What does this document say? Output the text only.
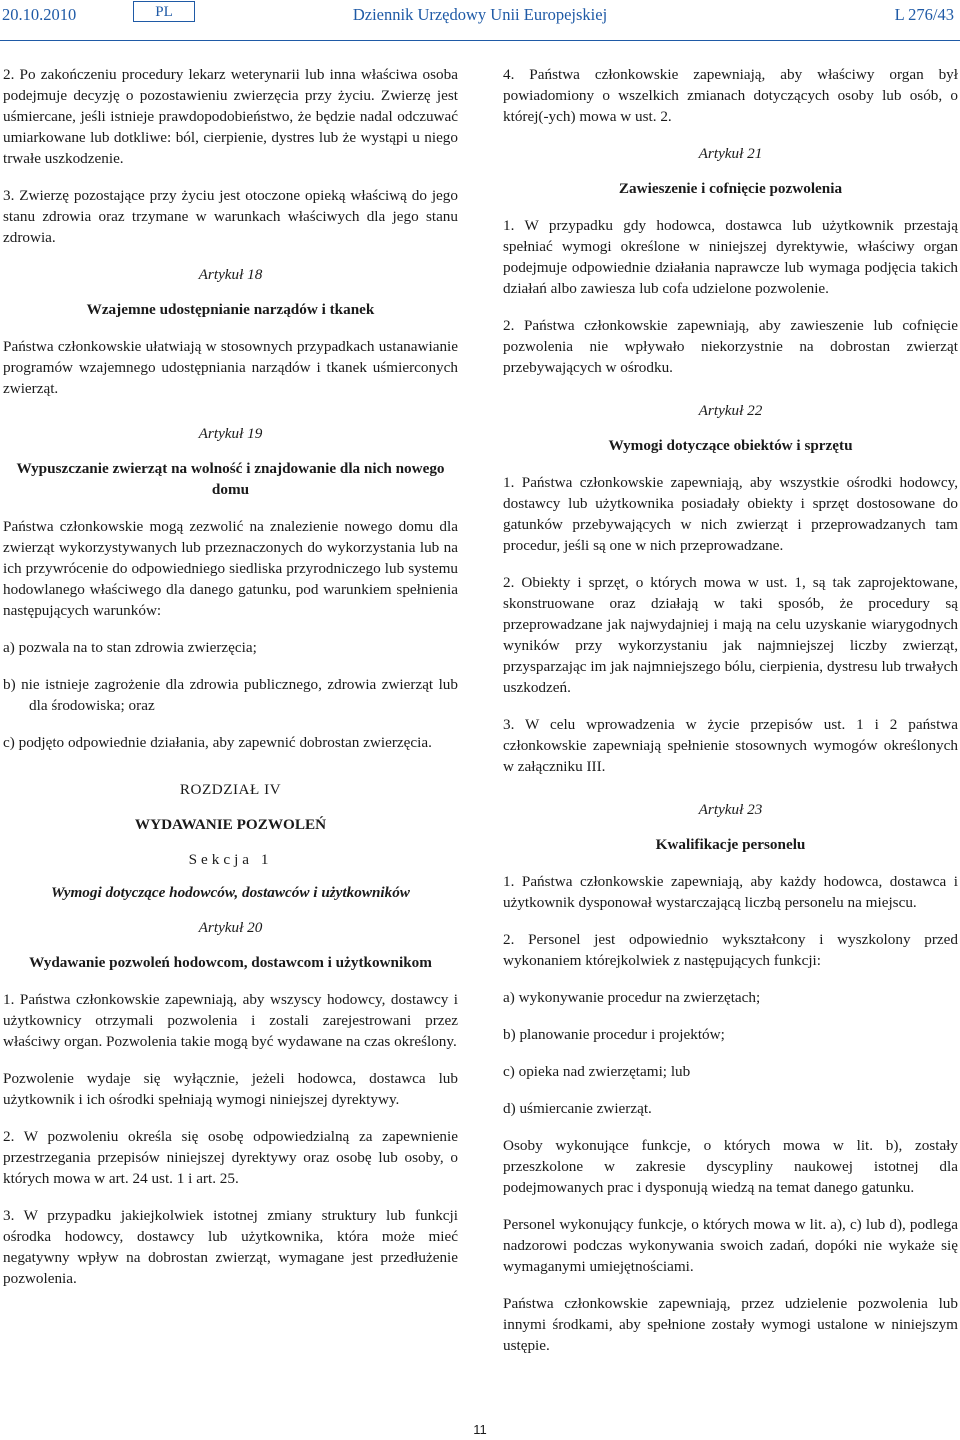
20.10.2010	PL	Dziennik Urzędowy Unii Europejskiej	L 276/43

2. Po zakończeniu procedury lekarz weterynarii lub inna właściwa osoba podejmuje decyzję o pozostawieniu zwierzęcia przy życiu. Zwierzę jest uśmiercane, jeśli istnieje prawdopodobieństwo, że będzie nadal odczuwać umiarkowane lub dotkliwe: ból, cierpienie, dystres lub że wystąpi u niego trwałe uszkodzenie.

3. Zwierzę pozostające przy życiu jest otoczone opieką właściwą do jego stanu zdrowia oraz trzymane w warunkach właściwych dla jego stanu zdrowia.

Artykuł 18
Wzajemne udostępnianie narządów i tkanek

Państwa członkowskie ułatwiają w stosownych przypadkach ustanawianie programów wzajemnego udostępniania narządów i tkanek uśmierconych zwierząt.

Artykuł 19
Wypuszczanie zwierząt na wolność i znajdowanie dla nich nowego domu

Państwa członkowskie mogą zezwolić na znalezienie nowego domu dla zwierząt wykorzystywanych lub przeznaczonych do wykorzystania lub na ich przywrócenie do odpowiedniego siedliska przyrodniczego lub systemu hodowlanego właściwego dla danego gatunku, pod warunkiem spełnienia następujących warunków:

a) pozwala na to stan zdrowia zwierzęcia;

b) nie istnieje zagrożenie dla zdrowia publicznego, zdrowia zwierząt lub dla środowiska; oraz

c) podjęto odpowiednie działania, aby zapewnić dobrostan zwierzęcia.

ROZDZIAŁ IV
WYDAWANIE POZWOLEŃ
Sekcja 1
Wymogi dotyczące hodowców, dostawców i użytkowników
Artykuł 20
Wydawanie pozwoleń hodowcom, dostawcom i użytkownikom

1. Państwa członkowskie zapewniają, aby wszyscy hodowcy, dostawcy i użytkownicy otrzymali pozwolenia i zostali zarejestrowani przez właściwy organ. Pozwolenia takie mogą być wydawane na czas określony.

Pozwolenie wydaje się wyłącznie, jeżeli hodowca, dostawca lub użytkownik i ich ośrodki spełniają wymogi niniejszej dyrektywy.

2. W pozwoleniu określa się osobę odpowiedzialną za zapewnienie przestrzegania przepisów niniejszej dyrektywy oraz osobę lub osoby, o których mowa w art. 24 ust. 1 i art. 25.

3. W przypadku jakiejkolwiek istotnej zmiany struktury lub funkcji ośrodka hodowcy, dostawcy lub użytkownika, która może mieć negatywny wpływ na dobrostan zwierząt, wymagane jest przedłużenie pozwolenia.

4. Państwa członkowskie zapewniają, aby właściwy organ był powiadomiony o wszelkich zmianach dotyczących osoby lub osób, o której(-ych) mowa w ust. 2.

Artykuł 21
Zawieszenie i cofnięcie pozwolenia

1. W przypadku gdy hodowca, dostawca lub użytkownik przestają spełniać wymogi określone w niniejszej dyrektywie, właściwy organ podejmuje odpowiednie działania naprawcze lub wymaga podjęcia takich działań albo zawiesza lub cofa udzielone pozwolenie.

2. Państwa członkowskie zapewniają, aby zawieszenie lub cofnięcie pozwolenia nie wpływało niekorzystnie na dobrostan zwierząt przebywających w ośrodku.

Artykuł 22
Wymogi dotyczące obiektów i sprzętu

1. Państwa członkowskie zapewniają, aby wszystkie ośrodki hodowcy, dostawcy lub użytkownika posiadały obiekty i sprzęt dostosowane do gatunków przebywających w nich zwierząt i przeprowadzanych tam procedur, jeśli są one w nich przeprowadzane.

2. Obiekty i sprzęt, o których mowa w ust. 1, są tak zaprojektowane, skonstruowane oraz działają w taki sposób, że procedury są przeprowadzane jak najwydajniej i mają na celu uzyskanie wiarygodnych wyników przy wykorzystaniu jak najmniejszej liczby zwierząt, przysparzając im jak najmniejszego bólu, cierpienia, dystresu lub trwałych uszkodzeń.

3. W celu wprowadzenia w życie przepisów ust. 1 i 2 państwa członkowskie zapewniają spełnienie stosownych wymogów określonych w załączniku III.

Artykuł 23
Kwalifikacje personelu

1. Państwa członkowskie zapewniają, aby każdy hodowca, dostawca i użytkownik dysponował wystarczającą liczbą personelu na miejscu.

2. Personel jest odpowiednio wykształcony i wyszkolony przed wykonaniem którejkolwiek z następujących funkcji:

a) wykonywanie procedur na zwierzętach;

b) planowanie procedur i projektów;

c) opieka nad zwierzętami; lub

d) uśmiercanie zwierząt.

Osoby wykonujące funkcje, o których mowa w lit. b), zostały przeszkolone w zakresie dyscypliny naukowej istotnej dla podejmowanych prac i dysponują wiedzą na temat danego gatunku.

Personel wykonujący funkcje, o których mowa w lit. a), c) lub d), podlega nadzorowi podczas wykonywania swoich zadań, dopóki nie wykaże się wymaganymi umiejętnościami.

Państwa członkowskie zapewniają, przez udzielenie pozwolenia lub innymi środkami, aby spełnione zostały wymogi ustalone w niniejszym ustępie.

11
